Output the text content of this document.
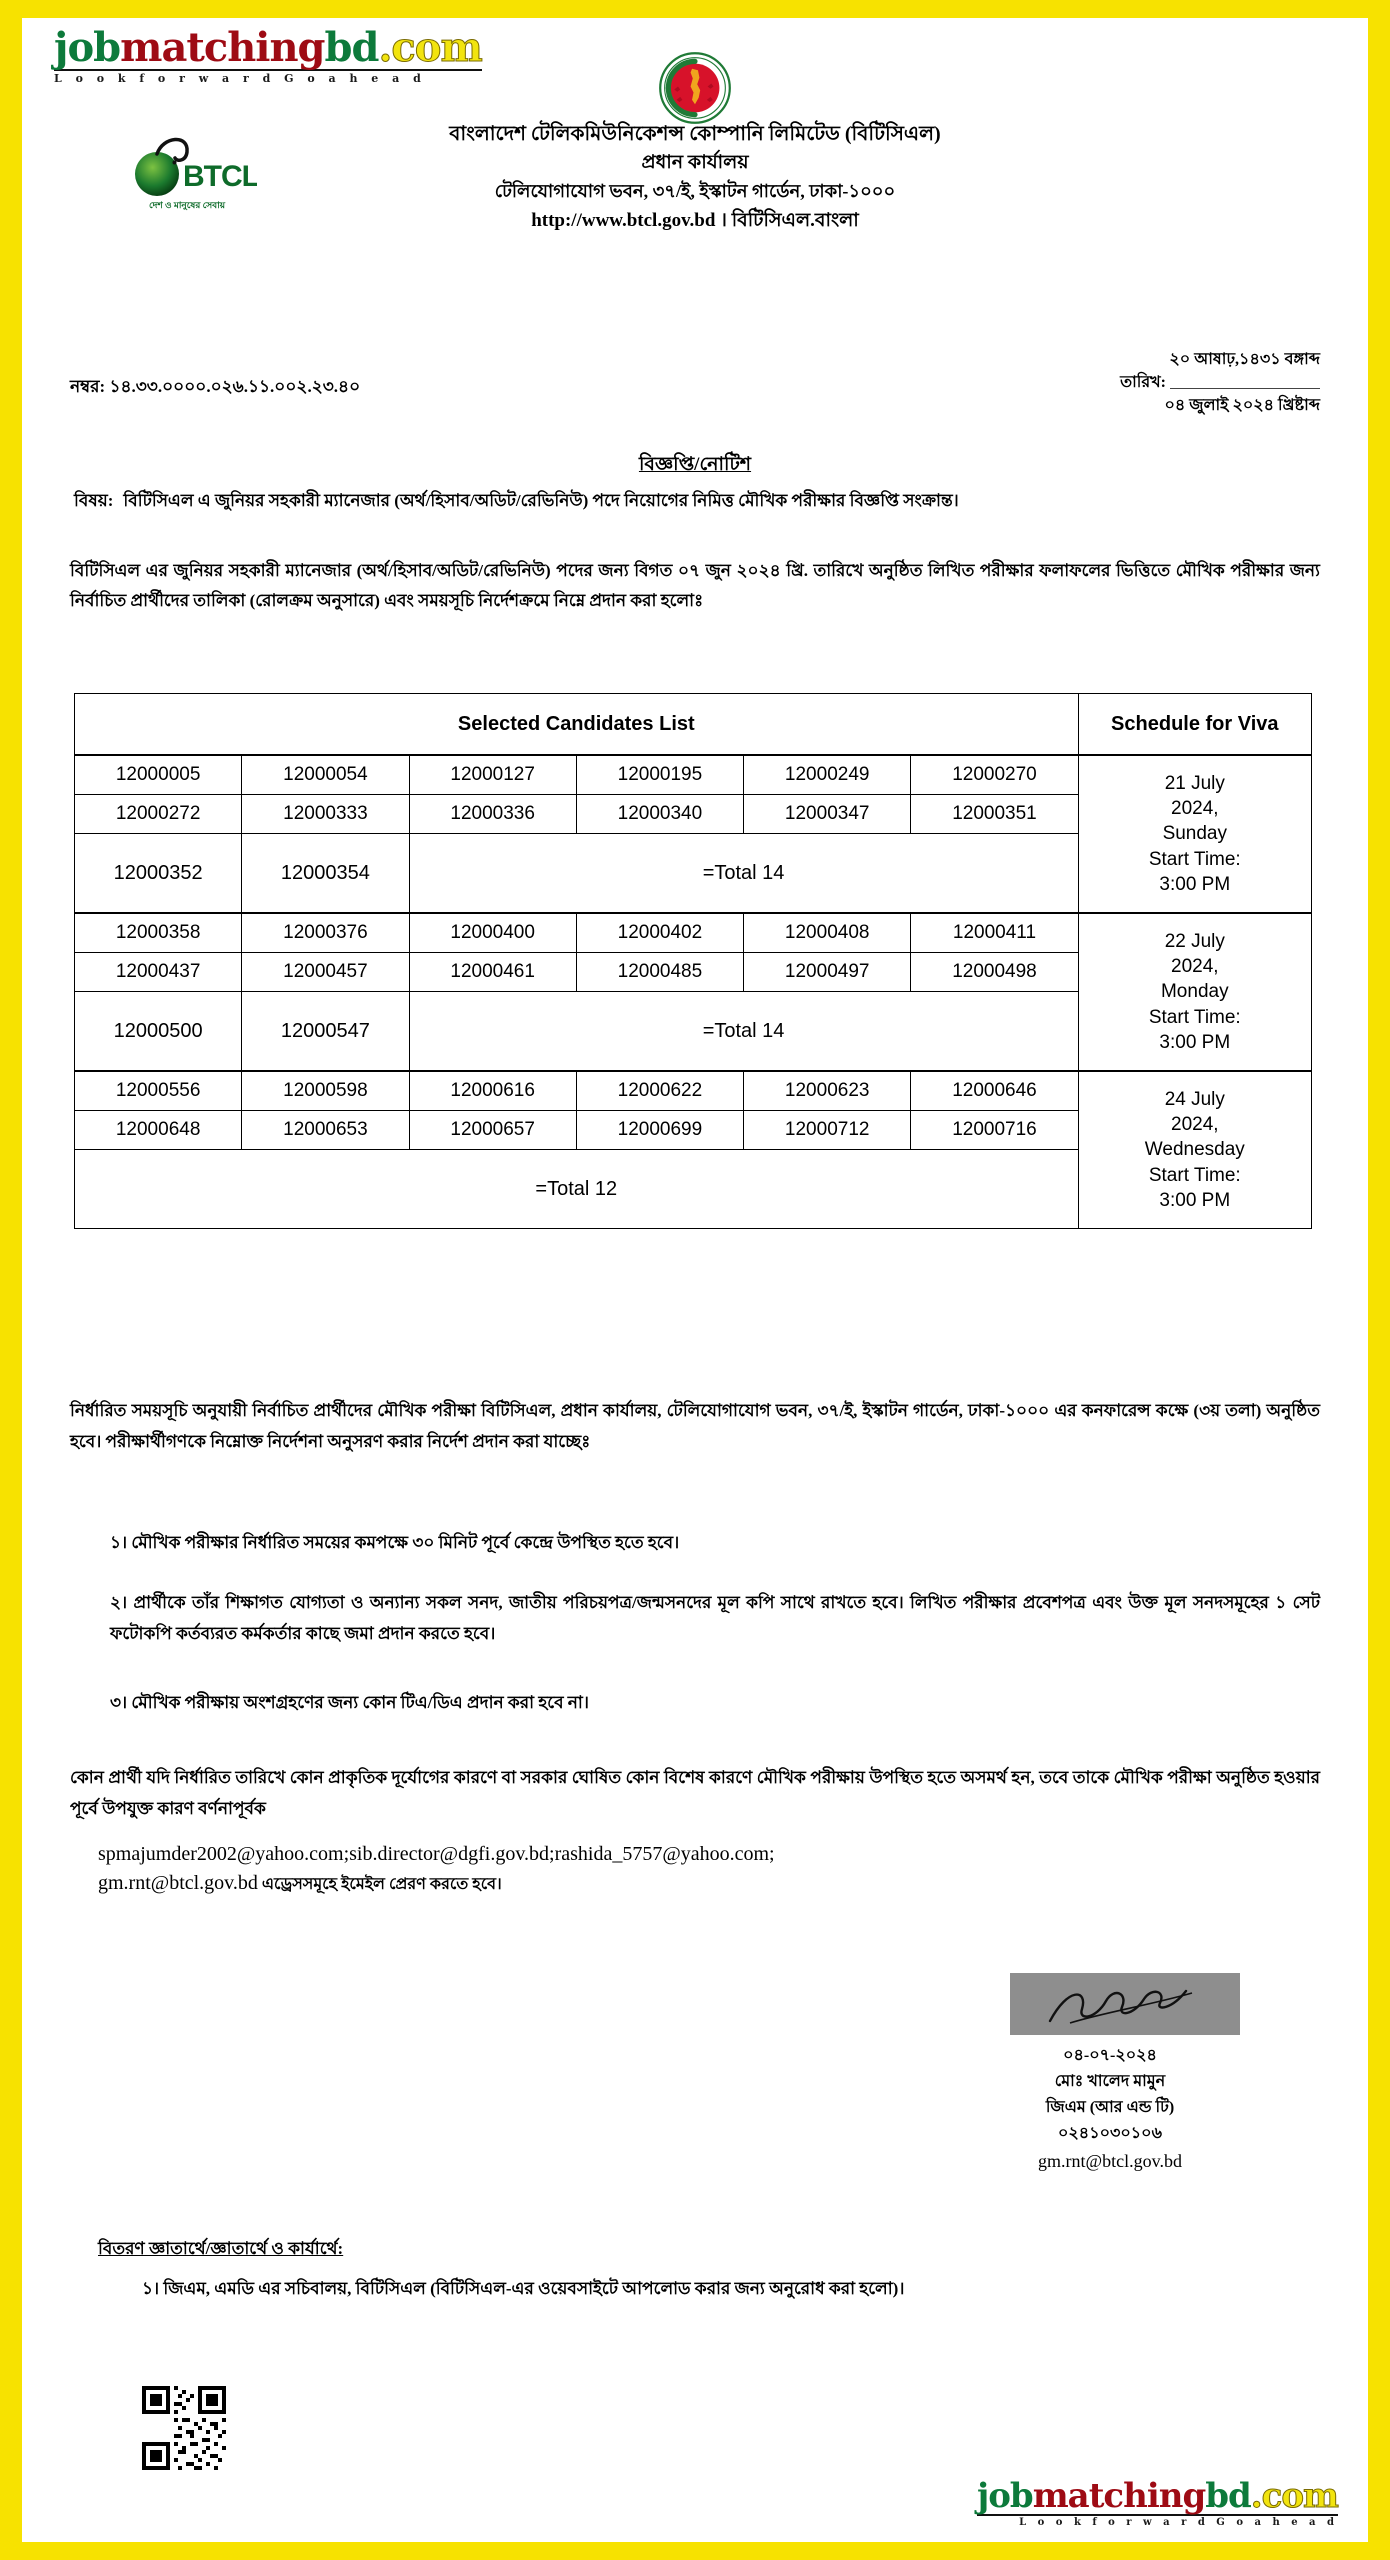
jobmatchingbd.com
L o o k f o r w a r d G o a h e a d
BTCL
দেশ ও মানুষের সেবায়
বাংলাদেশ টেলিকমিউনিকেশন্স কোম্পানি লিমিটেড (বিটিসিএল)
প্রধান কার্যালয়
টেলিযোগাযোগ ভবন, ৩৭/ই, ইস্কাটন গার্ডেন, ঢাকা-১০০০
http://www.btcl.gov.bd । বিটিসিএল.বাংলা
নম্বর: ১৪.৩৩.০০০০.০২৬.১১.০০২.২৩.৪০
২০ আষাঢ়,১৪৩১ বঙ্গাব্দ
তারিখ:
০৪ জুলাই ২০২৪ খ্রিষ্টাব্দ
বিজ্ঞপ্তি/নোটিশ
বিষয়: বিটিসিএল এ জুনিয়র সহকারী ম্যানেজার (অর্থ/হিসাব/অডিট/রেভিনিউ) পদে নিয়োগের নিমিত্ত মৌখিক পরীক্ষার বিজ্ঞপ্তি সংক্রান্ত।
বিটিসিএল এর জুনিয়র সহকারী ম্যানেজার (অর্থ/হিসাব/অডিট/রেভিনিউ) পদের জন্য বিগত ০৭ জুন ২০২৪ খ্রি. তারিখে অনুষ্ঠিত লিখিত পরীক্ষার ফলাফলের ভিত্তিতে মৌখিক পরীক্ষার জন্য নির্বাচিত প্রার্থীদের তালিকা (রোলক্রম অনুসারে) এবং সময়সূচি নির্দেশক্রমে নিম্নে প্রদান করা হলোঃ
Selected Candidates List						Schedule for Viva
12000005	12000054	12000127	12000195	12000249	12000270	21 July
2024,
Sunday
Start Time:
3:00 PM

12000272	12000333	12000336	12000340	12000347	12000351	
12000352	12000354	=Total 14				
12000358	12000376	12000400	12000402	12000408	12000411	22 July
2024,
Monday
Start Time:
3:00 PM

12000437	12000457	12000461	12000485	12000497	12000498	
12000500	12000547	=Total 14				
12000556	12000598	12000616	12000622	12000623	12000646	24 July
2024,
Wednesday
Start Time:
3:00 PM

12000648	12000653	12000657	12000699	12000712	12000716	
=Total 12						
নির্ধারিত সময়সূচি অনুযায়ী নির্বাচিত প্রার্থীদের মৌখিক পরীক্ষা বিটিসিএল, প্রধান কার্যালয়, টেলিযোগাযোগ ভবন, ৩৭/ই, ইস্কাটন গার্ডেন, ঢাকা-১০০০ এর কনফারেন্স কক্ষে (৩য় তলা) অনুষ্ঠিত হবে। পরীক্ষার্থীগণকে নিম্নোক্ত নির্দেশনা অনুসরণ করার নির্দেশ প্রদান করা যাচ্ছেঃ
১। মৌখিক পরীক্ষার নির্ধারিত সময়ের কমপক্ষে ৩০ মিনিট পূর্বে কেন্দ্রে উপস্থিত হতে হবে।
২। প্রার্থীকে তাঁর শিক্ষাগত যোগ্যতা ও অন্যান্য সকল সনদ, জাতীয় পরিচয়পত্র/জন্মসনদের মূল কপি সাথে রাখতে হবে। লিখিত পরীক্ষার প্রবেশপত্র এবং উক্ত মূল সনদসমূহের ১ সেট ফটোকপি কর্তব্যরত কর্মকর্তার কাছে জমা প্রদান করতে হবে।
৩। মৌখিক পরীক্ষায় অংশগ্রহণের জন্য কোন টিএ/ডিএ প্রদান করা হবে না।
কোন প্রার্থী যদি নির্ধারিত তারিখে কোন প্রাকৃতিক দূর্যোগের কারণে বা সরকার ঘোষিত কোন বিশেষ কারণে মৌখিক পরীক্ষায় উপস্থিত হতে অসমর্থ হন, তবে তাকে মৌখিক পরীক্ষা অনুষ্ঠিত হওয়ার পূর্বে উপযুক্ত কারণ বর্ণনাপূর্বক
spmajumder2002@yahoo.com;sib.director@dgfi.gov.bd;rashida_5757@yahoo.com;
gm.rnt@btcl.gov.bd এড্রেসসমূহে ইমেইল প্রেরণ করতে হবে।
০৪-০৭-২০২৪
মোঃ খালেদ মামুন
জিএম (আর এন্ড টি)
০২৪১০৩০১০৬
gm.rnt@btcl.gov.bd
বিতরণ জ্ঞাতার্থে/জ্ঞাতার্থে ও কার্যার্থে:
১। জিএম, এমডি এর সচিবালয়, বিটিসিএল (বিটিসিএল-এর ওয়েবসাইটে আপলোড করার জন্য অনুরোধ করা হলো)।
jobmatchingbd.com
L o o k f o r w a r d G o a h e a d
